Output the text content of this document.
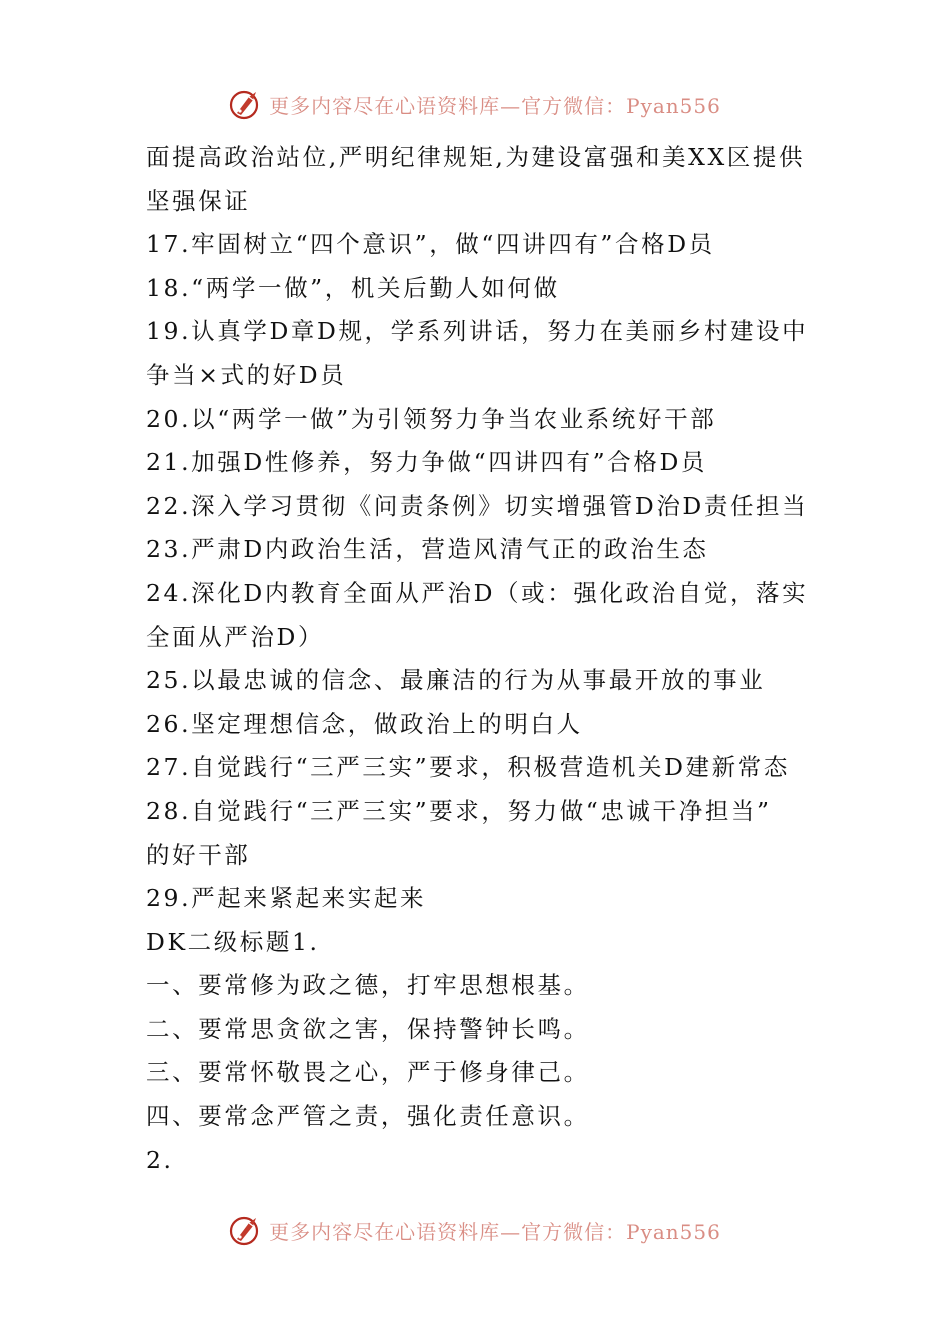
更多内容尽在心语资料库—官方微信：Pyan556
面提高政治站位,严明纪律规矩,为建设富强和美XX区提供
坚强保证
17.牢固树立“四个意识”，做“四讲四有”合格D员
18.“两学一做”，机关后勤人如何做
19.认真学D章D规，学系列讲话，努力在美丽乡村建设中
争当×式的好D员
20.以“两学一做”为引领努力争当农业系统好干部
21.加强D性修养，努力争做“四讲四有”合格D员
22.深入学习贯彻《问责条例》切实增强管D治D责任担当
23.严肃D内政治生活，营造风清气正的政治生态
24.深化D内教育全面从严治D（或：强化政治自觉，落实
全面从严治D）
25.以最忠诚的信念、最廉洁的行为从事最开放的事业
26.坚定理想信念，做政治上的明白人
27.自觉践行“三严三实”要求，积极营造机关D建新常态
28.自觉践行“三严三实”要求，努力做“忠诚干净担当”
的好干部
29.严起来紧起来实起来
DK二级标题1.
一、要常修为政之德，打牢思想根基。
二、要常思贪欲之害，保持警钟长鸣。
三、要常怀敬畏之心，严于修身律己。
四、要常念严管之责，强化责任意识。
2.
更多内容尽在心语资料库—官方微信：Pyan556
